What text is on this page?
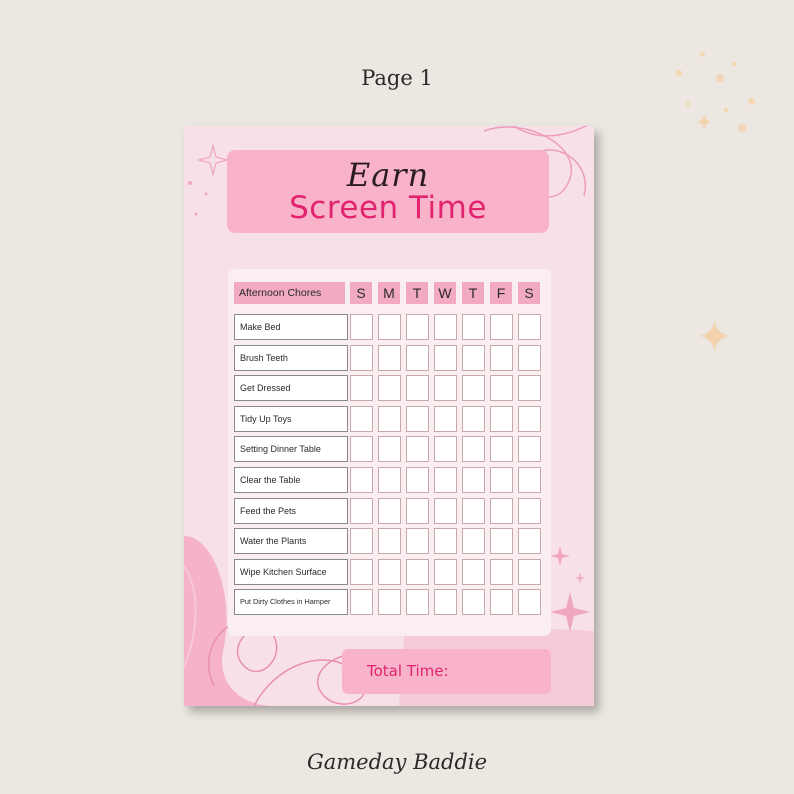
Page 1
✦
✦
Earn
Screen Time
Afternoon Chores	S	M	T	W	T	F	S
Make Bed
Brush Teeth
Get Dressed
Tidy Up Toys
Setting Dinner Table
Clear the Table
Feed the Pets
Water the Plants
Wipe Kitchen Surface
Put Dirty Clothes in Hamper
Total Time:
Gameday Baddie
